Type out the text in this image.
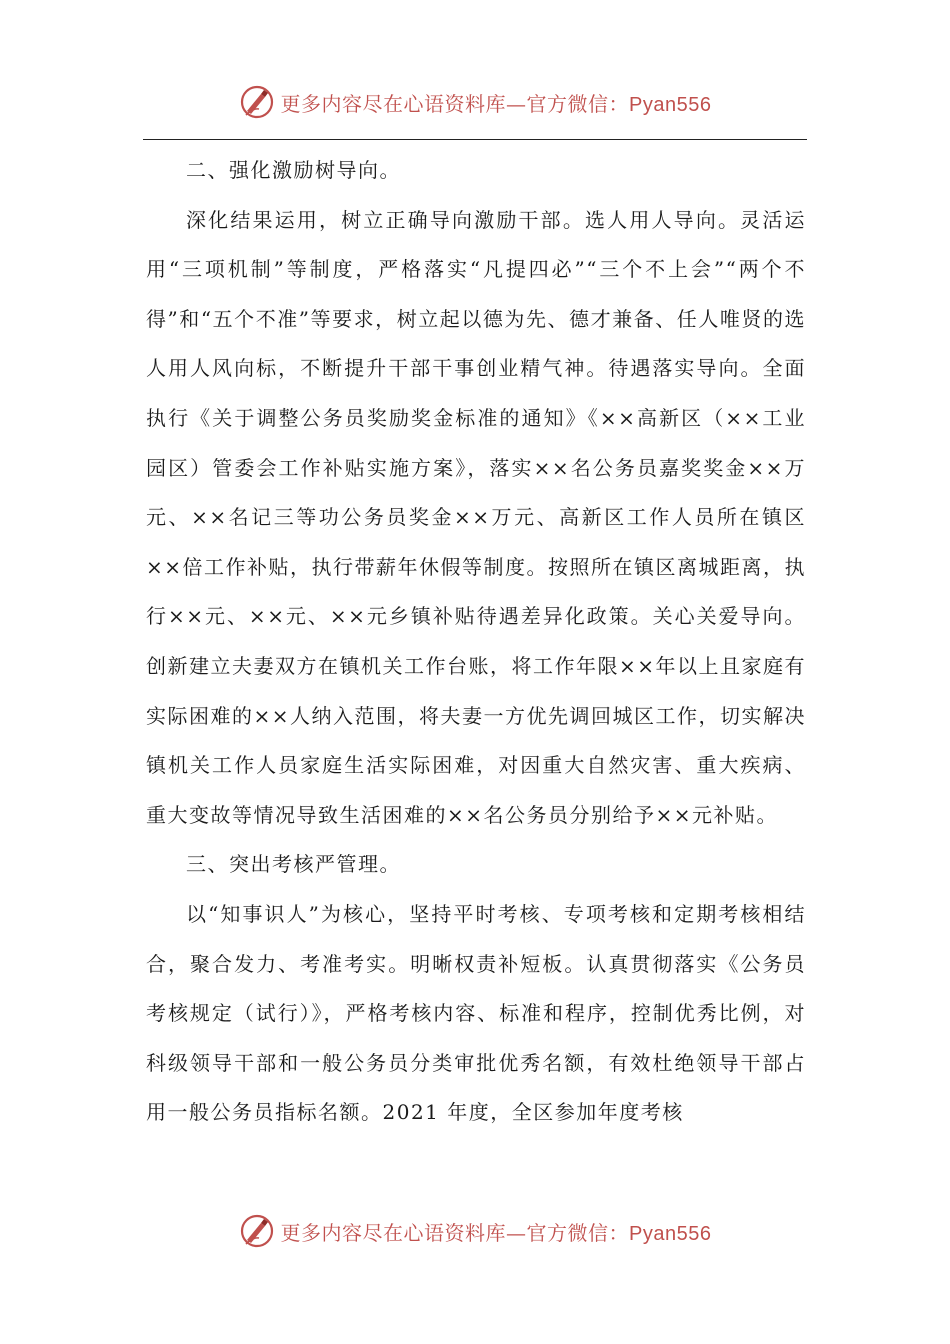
更多内容尽在心语资料库—官方微信：Pyan556

二、强化激励树导向。

深化结果运用，树立正确导向激励干部。选人用人导向。灵活运用“三项机制”等制度，严格落实“凡提四必”“三个不上会”“两个不得”和“五个不准”等要求，树立起以德为先、德才兼备、任人唯贤的选人用人风向标，不断提升干部干事创业精气神。待遇落实导向。全面执行《关于调整公务员奖励奖金标准的通知》《××高新区（××工业园区）管委会工作补贴实施方案》，落实××名公务员嘉奖奖金××万元、××名记三等功公务员奖金××万元、高新区工作人员所在镇区××倍工作补贴，执行带薪年休假等制度。按照所在镇区离城距离，执行××元、××元、××元乡镇补贴待遇差异化政策。关心关爱导向。创新建立夫妻双方在镇机关工作台账，将工作年限××年以上且家庭有实际困难的××人纳入范围，将夫妻一方优先调回城区工作，切实解决镇机关工作人员家庭生活实际困难，对因重大自然灾害、重大疾病、重大变故等情况导致生活困难的××名公务员分别给予××元补贴。

三、突出考核严管理。

以“知事识人”为核心，坚持平时考核、专项考核和定期考核相结合，聚合发力、考准考实。明晰权责补短板。认真贯彻落实《公务员考核规定（试行）》，严格考核内容、标准和程序，控制优秀比例，对科级领导干部和一般公务员分类审批优秀名额，有效杜绝领导干部占用一般公务员指标名额。2021 年度，全区参加年度考核

更多内容尽在心语资料库—官方微信：Pyan556
